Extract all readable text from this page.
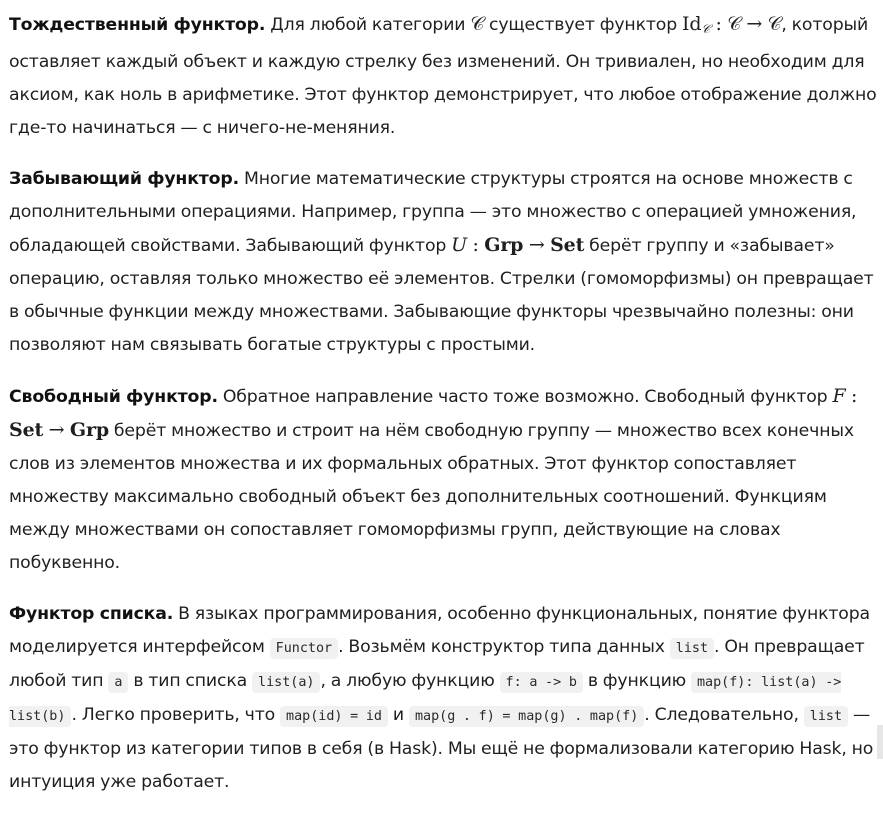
Тождественный функтор. Для любой категории 𝒞 существует функтор $Id_𝒞$ : 𝒞 → 𝒞, который оставляет каждый объект и каждую стрелку без изменений. Он тривиален, но необходим для аксиом, как ноль в арифметике. Этот функтор демонстрирует, что любое отображение должно где-то начинаться — с ничего-не-меняния.

Забывающий функтор. Многие математические структуры строятся на основе множеств с дополнительными операциями. Например, группа — это множество с операцией умножения, обладающей свойствами. Забывающий функтор U : Grp → Set берёт группу и «забывает» операцию, оставляя только множество её элементов. Стрелки (гомоморфизмы) он превращает в обычные функции между множествами. Забывающие функторы чрезвычайно полезны: они позволяют нам связывать богатые структуры с простыми.

Свободный функтор. Обратное направление часто тоже возможно. Свободный функтор F : Set → Grp берёт множество и строит на нём свободную группу — множество всех конечных слов из элементов множества и их формальных обратных. Этот функтор сопоставляет множеству максимально свободный объект без дополнительных соотношений. Функциям между множествами он сопоставляет гомоморфизмы групп, действующие на словах побуквенно.

Функтор списка. В языках программирования, особенно функциональных, понятие функтора моделируется интерфейсом Functor . Возьмём конструктор типа данных list . Он превращает любой тип a в тип списка list(a) , а любую функцию f: a -> b в функцию map(f): list(a) -> list(b) . Легко проверить, что map(id) = id и map(g . f) = map(g) . map(f) . Следовательно, list — это функтор из категории типов в себя (в Hask). Мы ещё не формализовали категорию Hask, но интуиция уже работает.
